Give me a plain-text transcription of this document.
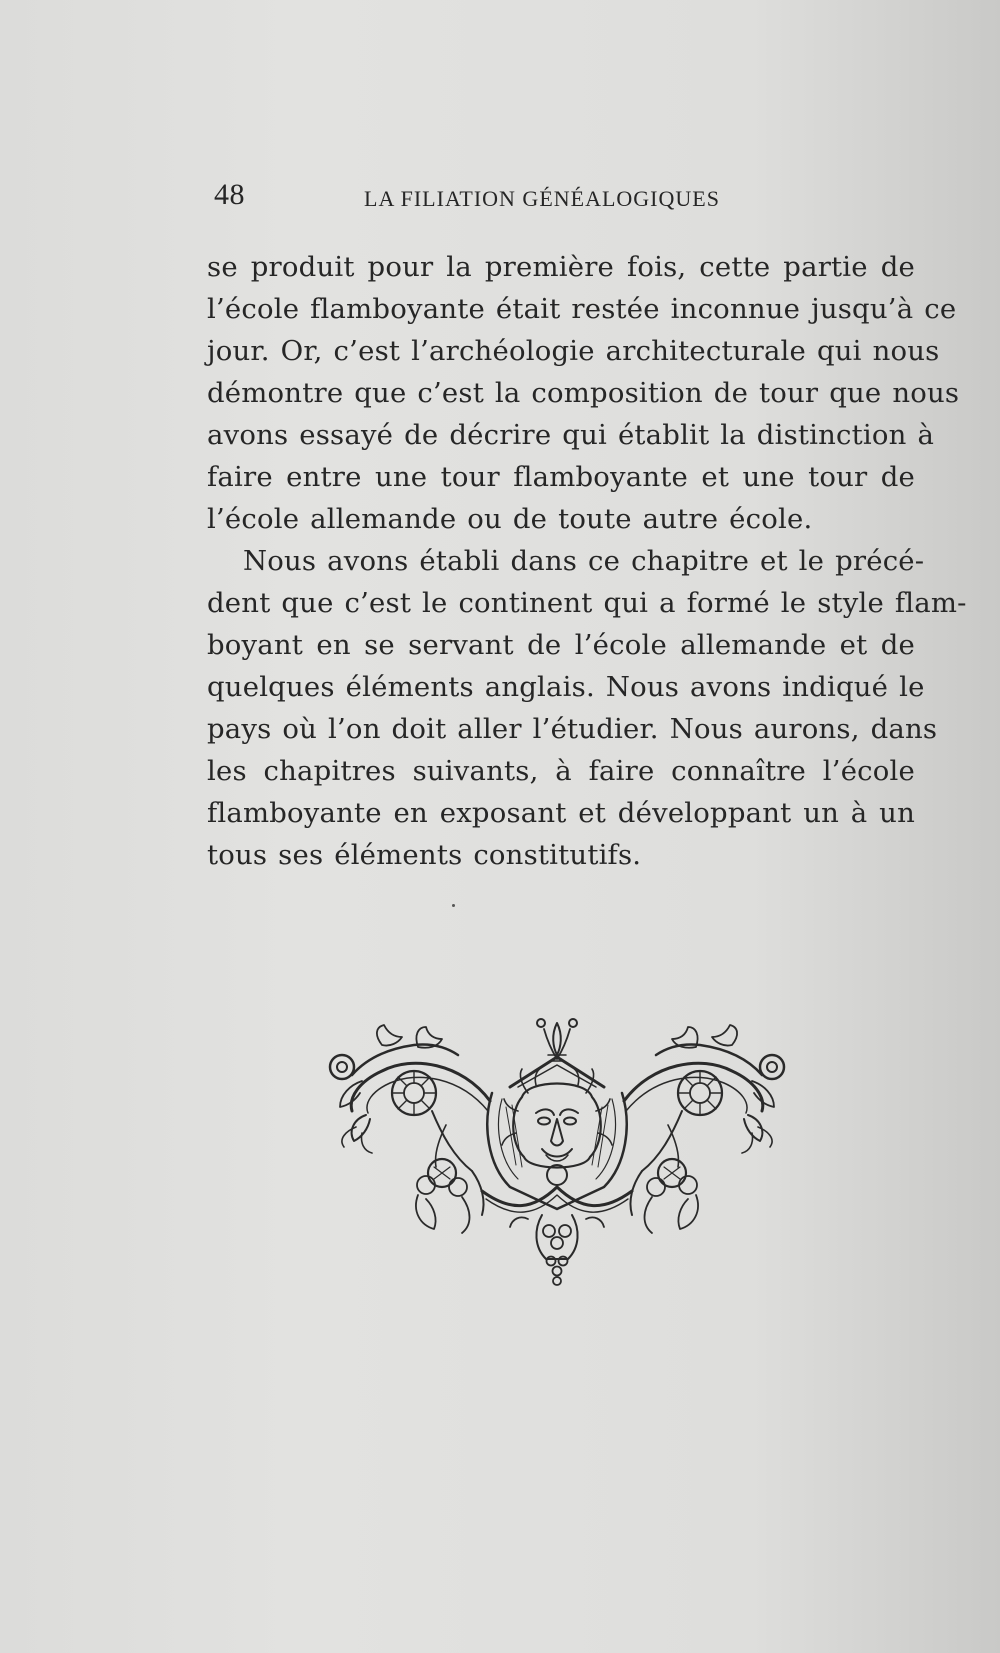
48	LA FILIATION GÉNÉALOGIQUES
se produit pour la première fois, cette partie de
l’école flamboyante était restée inconnue jusqu’à ce
jour. Or, c’est l’archéologie architecturale qui nous
démontre que c’est la composition de tour que nous
avons essayé de décrire qui établit la distinction à
faire entre une tour flamboyante et une tour de
l’école allemande ou de toute autre école.
Nous avons établi dans ce chapitre et le précé-
dent que c’est le continent qui a formé le style flam-
boyant en se servant de l’école allemande et de
quelques éléments anglais. Nous avons indiqué le
pays où l’on doit aller l’étudier. Nous aurons, dans
les chapitres suivants, à faire connaître l’école
flamboyante en exposant et développant un à un
tous ses éléments constitutifs.
